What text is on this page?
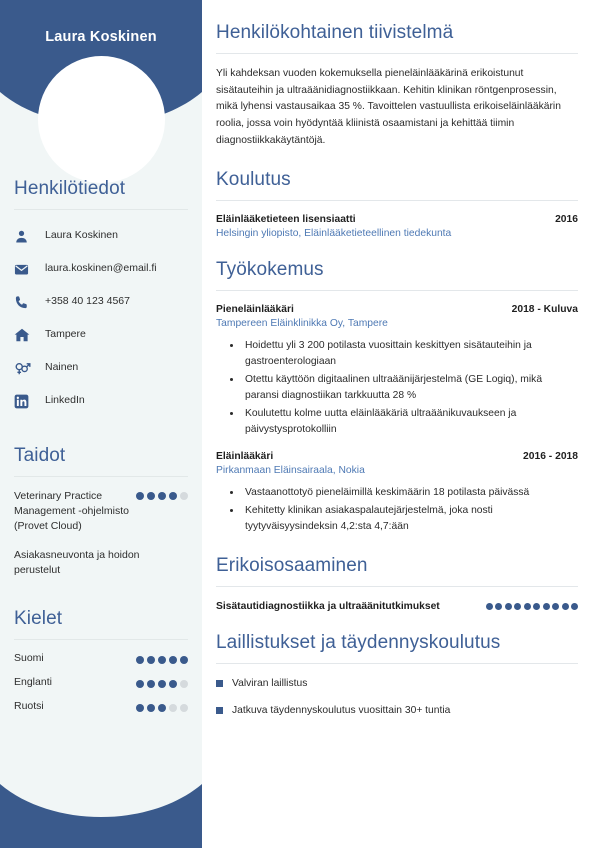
Laura Koskinen
Henkilötiedot
Laura Koskinen
laura.koskinen@email.fi
+358 40 123 4567
Tampere
Nainen
LinkedIn
Taidot
Veterinary Practice Management -ohjelmisto (Provet Cloud)
Asiakasneuvonta ja hoidon perustelut
Kielet
Suomi
Englanti
Ruotsi
Henkilökohtainen tiivistelmä

Yli kahdeksan vuoden kokemuksella pieneläinlääkärinä erikoistunut sisätauteihin ja ultraäänidiagnostiikkaan. Kehitin klinikan röntgenprosessin, mikä lyhensi vastausaikaa 35 %. Tavoittelen vastuullista erikoiseläinlääkärin roolia, jossa voin hyödyntää kliinistä osaamistani ja kehittää tiimin diagnostiikkakäytäntöjä.

Koulutus
Eläinlääketieteen lisensiaatti	2016
Helsingin yliopisto, Eläinlääketieteellinen tiedekunta
Työkokemus
Pieneläinlääkäri	2018 - Kuluva
Tampereen Eläinklinikka Oy, Tampere
• Hoidettu yli 3 200 potilasta vuosittain keskittyen sisätauteihin ja gastroenterologiaan
• Otettu käyttöön digitaalinen ultraäänijärjestelmä (GE Logiq), mikä paransi diagnostiikan tarkkuutta 28 %
• Koulutettu kolme uutta eläinlääkäriä ultraäänikuvaukseen ja päivystysprotokolliin
Eläinlääkäri	2016 - 2018
Pirkanmaan Eläinsairaala, Nokia
• Vastaanottotyö pieneläimillä keskimäärin 18 potilasta päivässä
• Kehitetty klinikan asiakaspalautejärjestelmä, joka nosti tyytyväisyysindeksin 4,2:sta 4,7:ään
Erikoisosaaminen
Sisätautidiagnostiikka ja ultraäänitutkimukset
Laillistukset ja täydennyskoulutus
Valviran laillistus
Jatkuva täydennyskoulutus vuosittain 30+ tuntia
